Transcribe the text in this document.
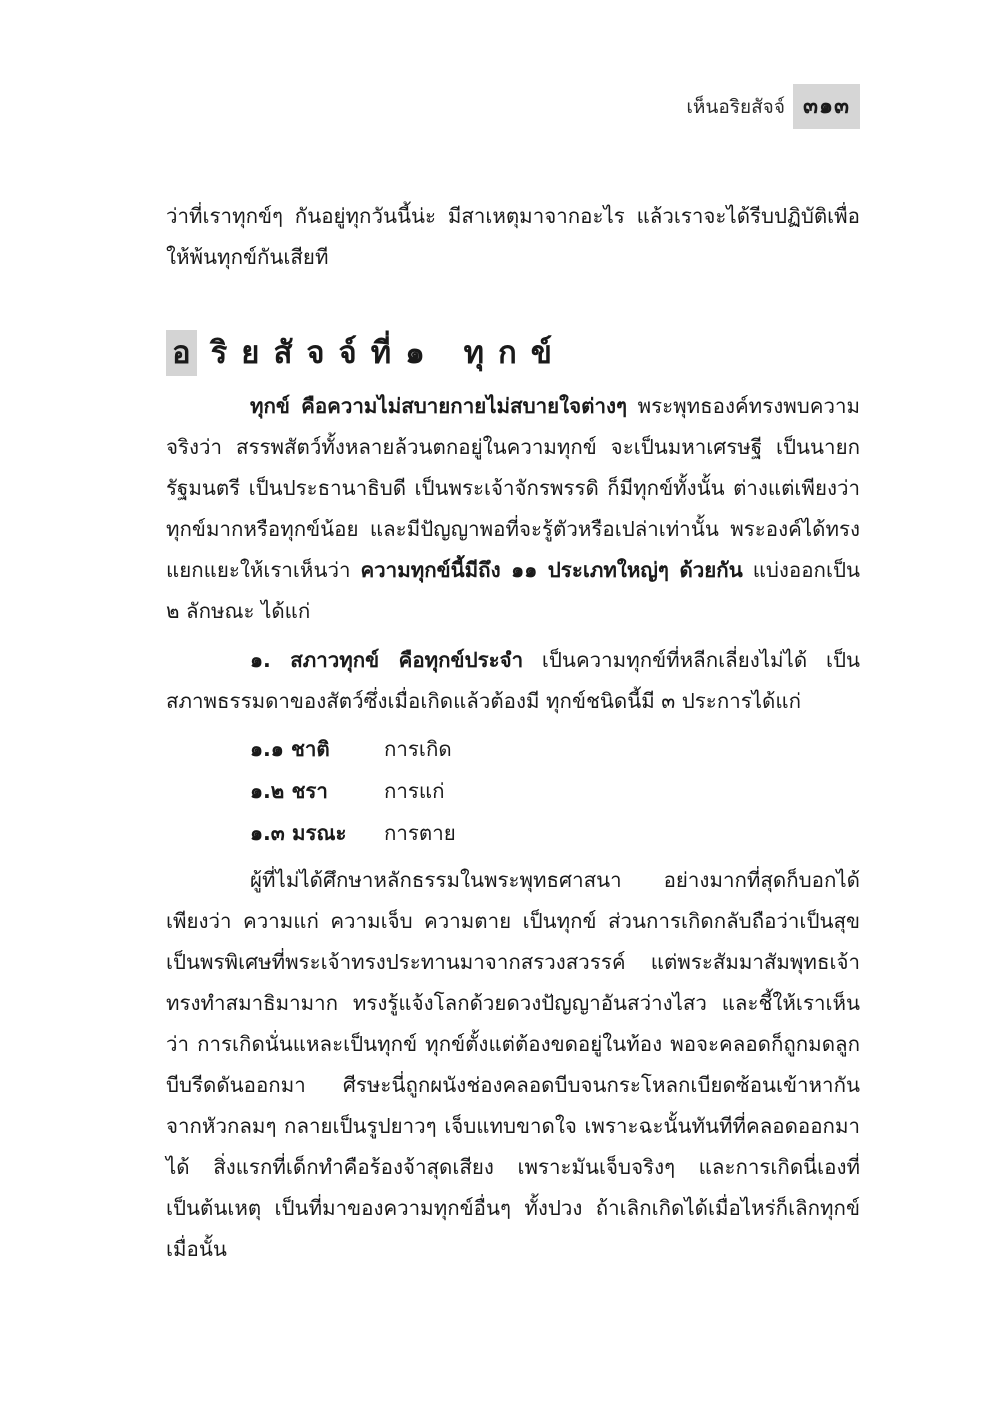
เห็นอริยสัจจ์ ๓๑๓

ว่าที่เราทุกข์ๆ กันอยู่ทุกวันนี้น่ะ มีสาเหตุมาจากอะไร แล้วเราจะได้รีบปฏิบัติเพื่อให้พ้นทุกข์กันเสียที

อ ริยสัจจ์ที่๑ ทุกข์

ทุกข์ คือความไม่สบายกายไม่สบายใจต่างๆ พระพุทธองค์ทรงพบความจริงว่า สรรพสัตว์ทั้งหลายล้วนตกอยู่ในความทุกข์ จะเป็นมหาเศรษฐี เป็นนายกรัฐมนตรี เป็นประธานาธิบดี เป็นพระเจ้าจักรพรรดิ ก็มีทุกข์ทั้งนั้น ต่างแต่เพียงว่าทุกข์มากหรือทุกข์น้อย และมีปัญญาพอที่จะรู้ตัวหรือเปล่าเท่านั้น พระองค์ได้ทรงแยกแยะให้เราเห็นว่า ความทุกข์นี้มีถึง ๑๑ ประเภทใหญ่ๆ ด้วยกัน แบ่งออกเป็น ๒ ลักษณะ ได้แก่

๑. สภาวทุกข์ คือทุกข์ประจำ เป็นความทุกข์ที่หลีกเลี่ยงไม่ได้ เป็นสภาพธรรมดาของสัตว์ซึ่งเมื่อเกิดแล้วต้องมี ทุกข์ชนิดนี้มี ๓ ประการได้แก่

๑.๑ ชาติ	การเกิด
๑.๒ ชรา	การแก่
๑.๓ มรณะ	การตาย

ผู้ที่ไม่ได้ศึกษาหลักธรรมในพระพุทธศาสนา อย่างมากที่สุดก็บอกได้เพียงว่า ความแก่ ความเจ็บ ความตาย เป็นทุกข์ ส่วนการเกิดกลับถือว่าเป็นสุข เป็นพรพิเศษที่พระเจ้าทรงประทานมาจากสรวงสวรรค์ แต่พระสัมมาสัมพุทธเจ้าทรงทำสมาธิมามาก ทรงรู้แจ้งโลกด้วยดวงปัญญาอันสว่างไสว และชี้ให้เราเห็นว่า การเกิดนั่นแหละเป็นทุกข์ ทุกข์ตั้งแต่ต้องขดอยู่ในท้อง พอจะคลอดก็ถูกมดลูกบีบรีดดันออกมา ศีรษะนี่ถูกผนังช่องคลอดบีบจนกระโหลกเบียดซ้อนเข้าหากัน จากหัวกลมๆ กลายเป็นรูปยาวๆ เจ็บแทบขาดใจ เพราะฉะนั้นทันทีที่คลอดออกมาได้ สิ่งแรกที่เด็กทำคือร้องจ้าสุดเสียง เพราะมันเจ็บจริงๆ และการเกิดนี่เองที่เป็นต้นเหตุ เป็นที่มาของความทุกข์อื่นๆ ทั้งปวง ถ้าเลิกเกิดได้เมื่อไหร่ก็เลิกทุกข์เมื่อนั้น
